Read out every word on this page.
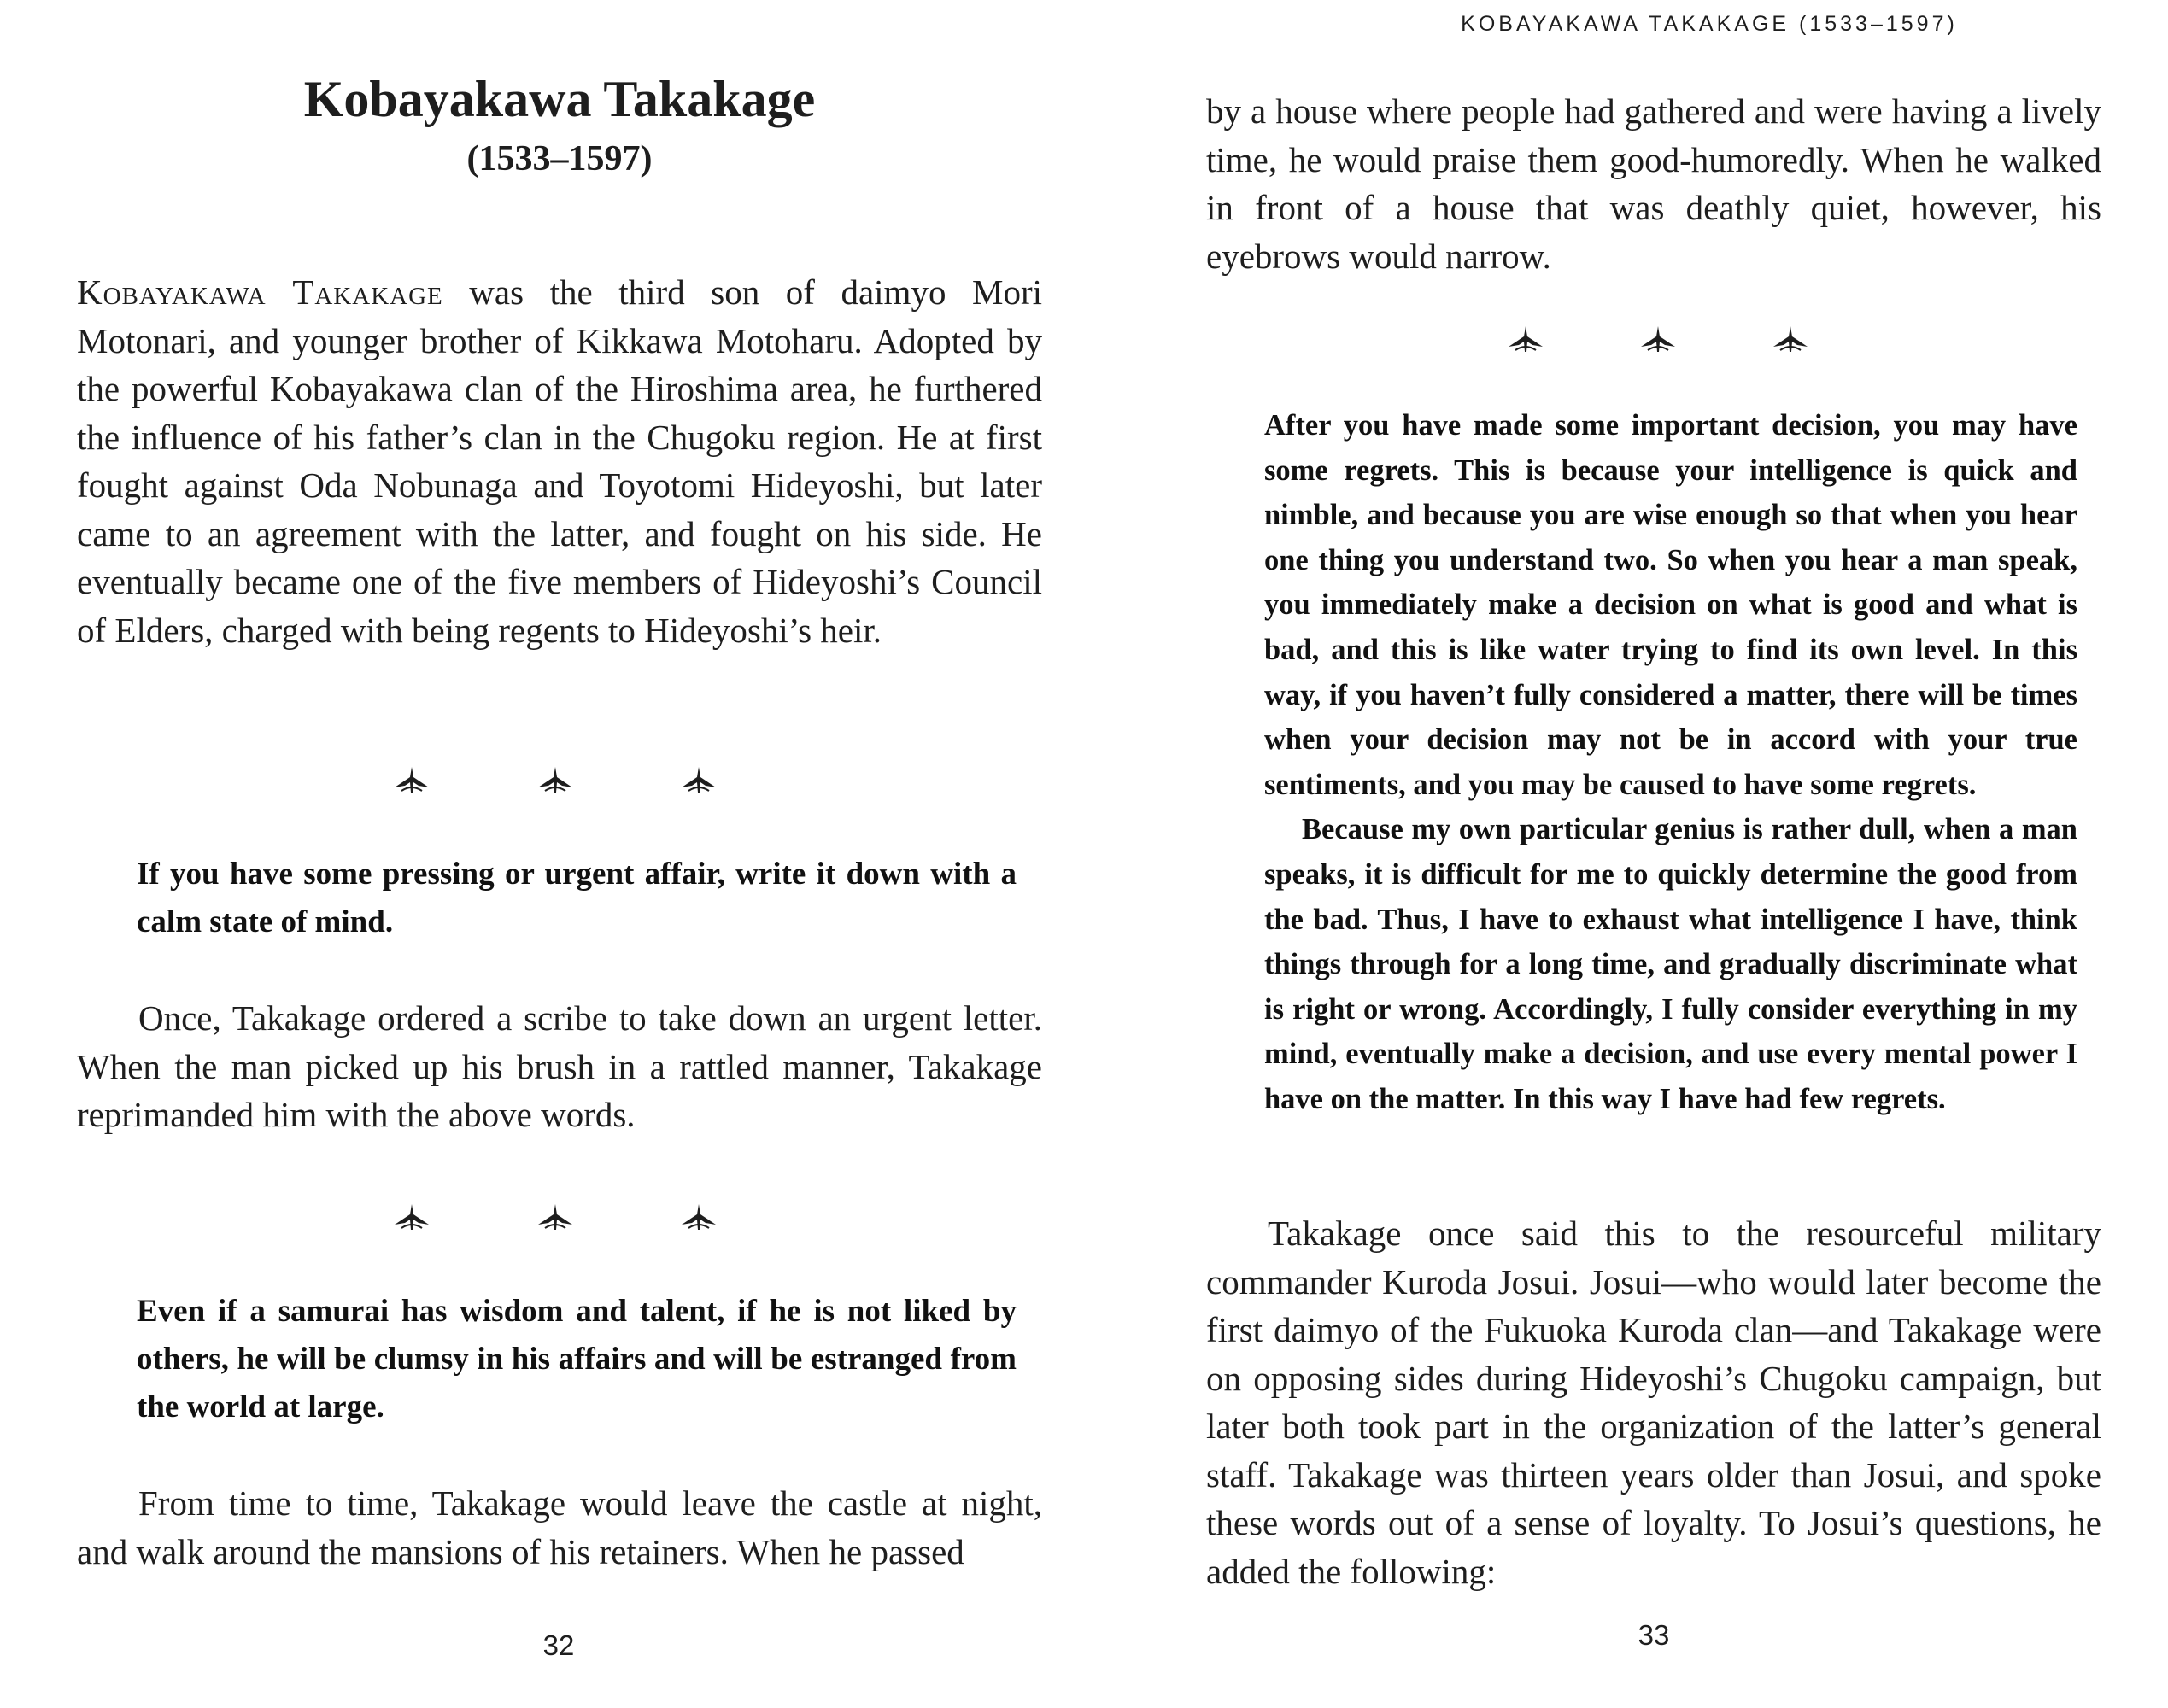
Kobayakawa Takakage
(1533–1597)

Kobayakawa Takakage was the third son of daimyo Mori Motonari, and younger brother of Kikkawa Motoharu. Adopted by the powerful Kobayakawa clan of the Hiroshima area, he furthered the influence of his father’s clan in the Chugoku region. He at first fought against Oda Nobunaga and Toyotomi Hideyoshi, but later came to an agreement with the latter, and fought on his side. He eventually became one of the five members of Hideyoshi’s Council of Elders, charged with being regents to Hideyoshi’s heir.

If you have some pressing or urgent affair, write it down with a calm state of mind.

Once, Takakage ordered a scribe to take down an urgent letter. When the man picked up his brush in a rattled manner, Takakage reprimanded him with the above words.

Even if a samurai has wisdom and talent, if he is not liked by others, he will be clumsy in his affairs and will be estranged from the world at large.

From time to time, Takakage would leave the castle at night, and walk around the mansions of his retainers. When he passed

32
KOBAYAKAWA TAKAKAGE (1533–1597)

by a house where people had gathered and were having a lively time, he would praise them good-humoredly. When he walked in front of a house that was deathly quiet, however, his eyebrows would narrow.

After you have made some important decision, you may have some regrets. This is because your intelligence is quick and nimble, and because you are wise enough so that when you hear one thing you understand two. So when you hear a man speak, you immediately make a decision on what is good and what is bad, and this is like water trying to find its own level. In this way, if you haven’t fully considered a matter, there will be times when your decision may not be in accord with your true sentiments, and you may be caused to have some regrets.

Because my own particular genius is rather dull, when a man speaks, it is difficult for me to quickly determine the good from the bad. Thus, I have to exhaust what intelligence I have, think things through for a long time, and gradually discriminate what is right or wrong. Accordingly, I fully consider everything in my mind, eventually make a decision, and use every mental power I have on the matter. In this way I have had few regrets.

Takakage once said this to the resourceful military commander Kuroda Josui. Josui—who would later become the first daimyo of the Fukuoka Kuroda clan—and Takakage were on opposing sides during Hideyoshi’s Chugoku campaign, but later both took part in the organization of the latter’s general staff. Takakage was thirteen years older than Josui, and spoke these words out of a sense of loyalty. To Josui’s questions, he added the following:

33
